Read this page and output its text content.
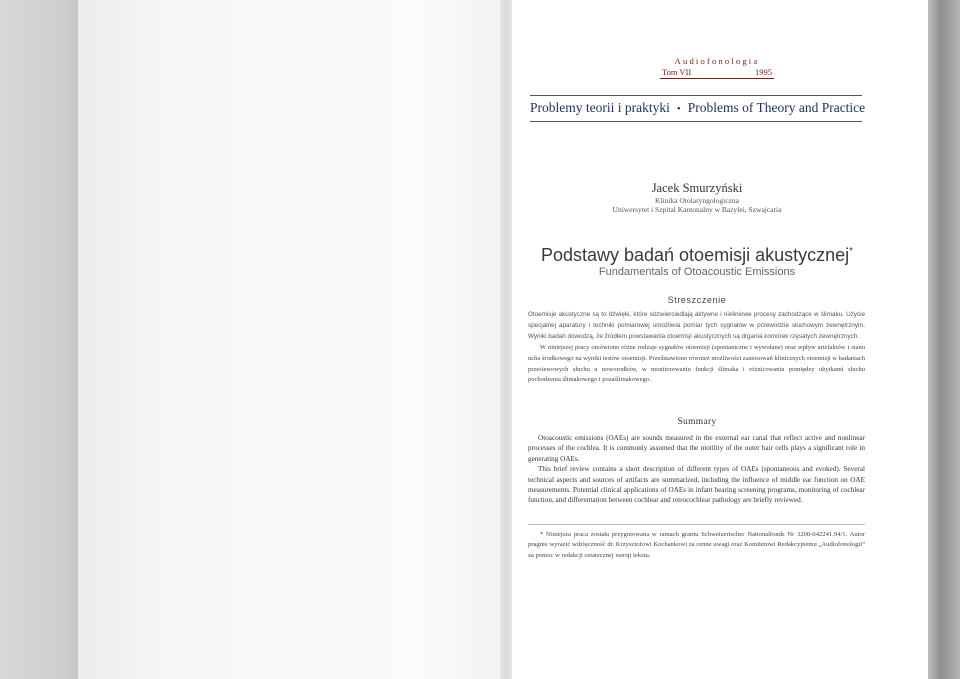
Audiofonologia
Tom VII	1995
Problemy teorii i praktyki • Problems of Theory and Practice
Jacek Smurzyński
Klinika Otolaryngologiczna
Uniwersytet i Szpital Kantonalny w Bazylei, Szwajcaria
Podstawy badań otoemisji akustycznej*
Fundamentals of Otoacoustic Emissions
Streszczenie

Otoemisje akustyczne są to dźwięki, które odzwierciedlają aktywne i nieliniowe procesy zachodzące w ślimaku. Użycie specjalnej aparatury i techniki pomiarowej umożliwia pomiar tych sygnałów w przewodzie słuchowym zewnętrznym. Wyniki badań dowodzą, że źródłem powstawania otoemisji akustycznych są drgania komórek rzęsatych zewnętrznych.

W niniejszej pracy omówiono różne rodzaje sygnałów otoemisji (spontaniczne i wywołane) oraz wpływ artefaktów i stanu ucha środkowego na wyniki testów otoemisji. Przedstawiono również możliwości zastosowań klinicznych otoemisji w badaniach przesiewowych słuchu u noworodków, w monitorowaniu funkcji ślimaka i różnicowaniu pomiędzy ubytkami słuchu pochodzenia ślimakowego i pozaślimakowego.

Summary

Otoacoustic emissions (OAEs) are sounds measured in the external ear canal that reflect active and nonlinear processes of the cochlea. It is commonly assumed that the motility of the outer hair cells plays a significant role in generating OAEs.

This brief review contains a short description of different types of OAEs (spontaneous and evoked). Several technical aspects and sources of artifacts are summarized, including the influence of middle ear function on OAE measurements. Potential clinical applications of OAEs in infant hearing screening programs, monitoring of cochlear function, and differentation between cochlear and retrocochlear pathology are briefly reviewed.

* Niniejsza praca została przygotowana w ramach grantu Schweizerischer Nationalfonds Nr 3200-042241.94/1. Autor pragnie wyrazić wdzięczność dr. Krzysztofowi Kochankowi za cenne uwagi oraz Komitetowi Redakcyjnemu „Audiofonologii” za pomoc w redakcji ostatecznej wersji tekstu.
